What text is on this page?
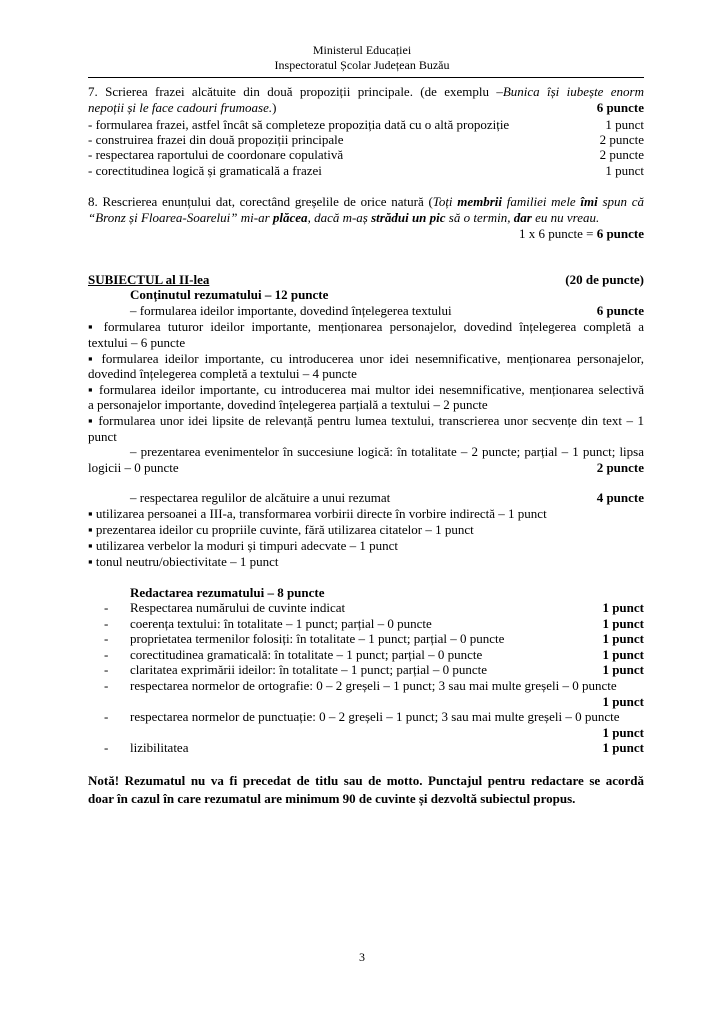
Ministerul Educației
Inspectoratul Școlar Județean Buzău
7. Scrierea frazei alcătuite din două propoziții principale. (de exemplu –Bunica își iubește enorm
nepoții și le face cadouri frumoase.)	6 puncte
- formularea frazei, astfel încât să completeze propoziția dată cu o altă propoziție	1 punct
- construirea frazei din două propoziții principale	2 puncte
- respectarea raportului de coordonare copulativă	2 puncte
- corectitudinea logică și gramaticală a frazei	1 punct
8. Rescrierea enunțului dat, corectând greșelile de orice natură (Toți membrii familiei mele îmi spun că
“Bronz și Floarea-Soarelui” mi-ar plăcea, dacă m-aș strădui un pic să o termin, dar eu nu vreau.
1 x 6 puncte = 6 puncte
SUBIECTUL al II-lea	(20 de puncte)
Conținutul rezumatului – 12 puncte
– formularea ideilor importante, dovedind înțelegerea textului	6 puncte
▪ formularea tuturor ideilor importante, menționarea personajelor, dovedind înțelegerea completă a
textului – 6 puncte
▪ formularea ideilor importante, cu introducerea unor idei nesemnificative, menționarea personajelor,
dovedind înțelegerea completă a textului – 4 puncte
▪ formularea ideilor importante, cu introducerea mai multor idei nesemnificative, menționarea selectivă
a personajelor importante, dovedind înțelegerea parțială a textului – 2 puncte
▪ formularea unor idei lipsite de relevanță pentru lumea textului, transcrierea unor secvențe din text – 1
punct
– prezentarea evenimentelor în succesiune logică: în totalitate – 2 puncte; parțial – 1 punct; lipsa
logicii – 0 puncte	2 puncte
– respectarea regulilor de alcătuire a unui rezumat	4 puncte
▪ utilizarea persoanei a III-a, transformarea vorbirii directe în vorbire indirectă – 1 punct
▪ prezentarea ideilor cu propriile cuvinte, fără utilizarea citatelor – 1 punct
▪ utilizarea verbelor la moduri și timpuri adecvate – 1 punct
▪ tonul neutru/obiectivitate – 1 punct
Redactarea rezumatului – 8 puncte
- Respectarea numărului de cuvinte indicat	1 punct
- coerența textului: în totalitate – 1 punct; parțial – 0 puncte	1 punct
- proprietatea termenilor folosiți: în totalitate – 1 punct; parțial – 0 puncte	1 punct
- corectitudinea gramaticală: în totalitate – 1 punct; parțial – 0 puncte	1 punct
- claritatea exprimării ideilor: în totalitate – 1 punct; parțial – 0 puncte	1 punct
- respectarea normelor de ortografie: 0 – 2 greșeli – 1 punct; 3 sau mai multe greșeli – 0 puncte
1 punct
- respectarea normelor de punctuație: 0 – 2 greșeli – 1 punct; 3 sau mai multe greșeli – 0 puncte
1 punct
- lizibilitatea	1 punct
Notă! Rezumatul nu va fi precedat de titlu sau de motto. Punctajul pentru redactare se acordă
doar în cazul în care rezumatul are minimum 90 de cuvinte și dezvoltă subiectul propus.
3
